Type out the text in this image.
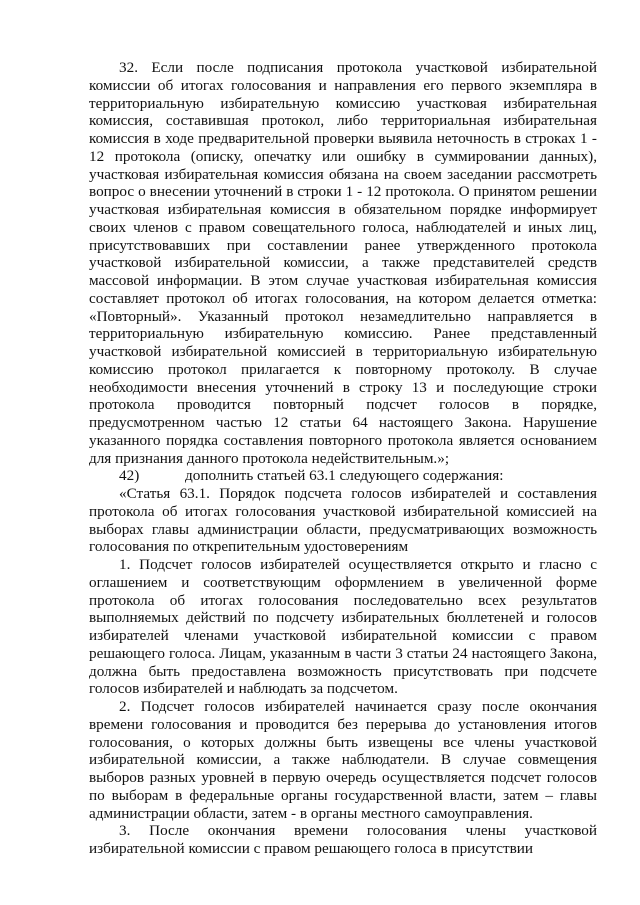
32. Если после подписания протокола участковой избирательной комиссии об итогах голосования и направления его первого экземпляра в территориальную избирательную комиссию участковая избирательная комиссия, составившая протокол, либо территориальная избирательная комиссия в ходе предварительной проверки выявила неточность в строках 1 - 12 протокола (описку, опечатку или ошибку в суммировании данных), участковая избирательная комиссия обязана на своем заседании рассмотреть вопрос о внесении уточнений в строки 1 - 12 протокола. О принятом решении участковая избирательная комиссия в обязательном порядке информирует своих членов с правом совещательного голоса, наблюдателей и иных лиц, присутствовавших при составлении ранее утвержденного протокола участковой избирательной комиссии, а также представителей средств массовой информации. В этом случае участковая избирательная комиссия составляет протокол об итогах голосования, на котором делается отметка: «Повторный». Указанный протокол незамедлительно направляется в территориальную избирательную комиссию. Ранее представленный участковой избирательной комиссией в территориальную избирательную комиссию протокол прилагается к повторному протоколу. В случае необходимости внесения уточнений в строку 13 и последующие строки протокола проводится повторный подсчет голосов в порядке, предусмотренном частью 12 статьи 64 настоящего Закона. Нарушение указанного порядка составления повторного протокола является основанием для признания данного протокола недействительным.»;

42)	дополнить статьей 63.1 следующего содержания:

«Статья 63.1. Порядок подсчета голосов избирателей и составления протокола об итогах голосования участковой избирательной комиссией на выборах главы администрации области, предусматривающих возможность голосования по открепительным удостоверениям

1. Подсчет голосов избирателей осуществляется открыто и гласно с оглашением и соответствующим оформлением в увеличенной форме протокола об итогах голосования последовательно всех результатов выполняемых действий по подсчету избирательных бюллетеней и голосов избирателей членами участковой избирательной комиссии с правом решающего голоса. Лицам, указанным в части 3 статьи 24 настоящего Закона, должна быть предоставлена возможность присутствовать при подсчете голосов избирателей и наблюдать за подсчетом.

2. Подсчет голосов избирателей начинается сразу после окончания времени голосования и проводится без перерыва до установления итогов голосования, о которых должны быть извещены все члены участковой избирательной комиссии, а также наблюдатели. В случае совмещения выборов разных уровней в первую очередь осуществляется подсчет голосов по выборам в федеральные органы государственной власти, затем – главы администрации области, затем - в органы местного самоуправления.

3. После окончания времени голосования члены участковой избирательной комиссии с правом решающего голоса в присутствии
